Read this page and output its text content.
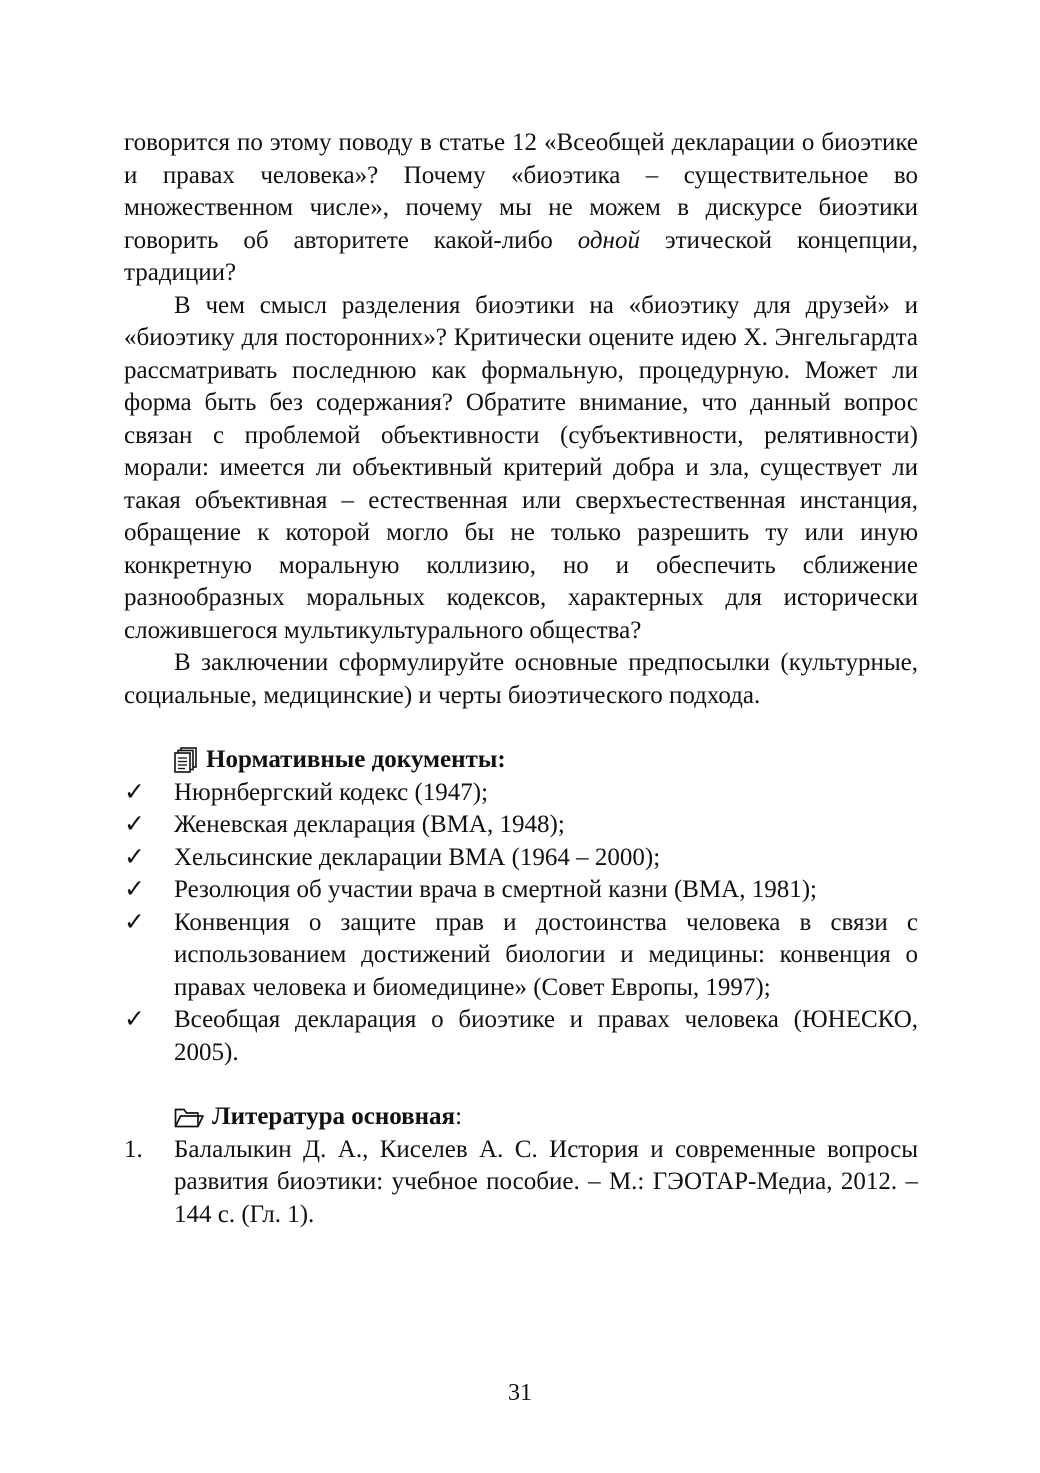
говорится по этому поводу в статье 12 «Всеобщей декларации о биоэтике и правах человека»? Почему «биоэтика – существительное во множественном числе», почему мы не можем в дискурсе биоэтики говорить об авторитете какой-либо одной этической концепции, традиции?

В чем смысл разделения биоэтики на «биоэтику для друзей» и «биоэтику для посторонних»? Критически оцените идею Х. Энгельгардта рассматривать последнюю как формальную, процедурную. Может ли форма быть без содержания? Обратите внимание, что данный вопрос связан с проблемой объективности (субъективности, релятивности) морали: имеется ли объективный критерий добра и зла, существует ли такая объективная – естественная или сверхъестественная инстанция, обращение к которой могло бы не только разрешить ту или иную конкретную моральную коллизию, но и обеспечить сближение разнообразных моральных кодексов, характерных для исторически сложившегося мультикультурального общества?

В заключении сформулируйте основные предпосылки (культурные, социальные, медицинские) и черты биоэтического подхода.

Нормативные документы:
✓	Нюрнбергский кодекс (1947);
✓	Женевская декларация (ВМА, 1948);
✓	Хельсинские декларации ВМА (1964 – 2000);
✓	Резолюция об участии врача в смертной казни (ВМА, 1981);
✓	Конвенция о защите прав и достоинства человека в связи с использованием достижений биологии и медицины: конвенция о правах человека и биомедицине» (Совет Европы, 1997);
✓	Всеобщая декларация о биоэтике и правах человека (ЮНЕСКО, 2005).
Литература основная :
1.	Балалыкин Д. А., Киселев А. С. История и современные вопросы развития биоэтики: учебное пособие. – М.: ГЭОТАР-Медиа, 2012. – 144 с. (Гл. 1).
31
